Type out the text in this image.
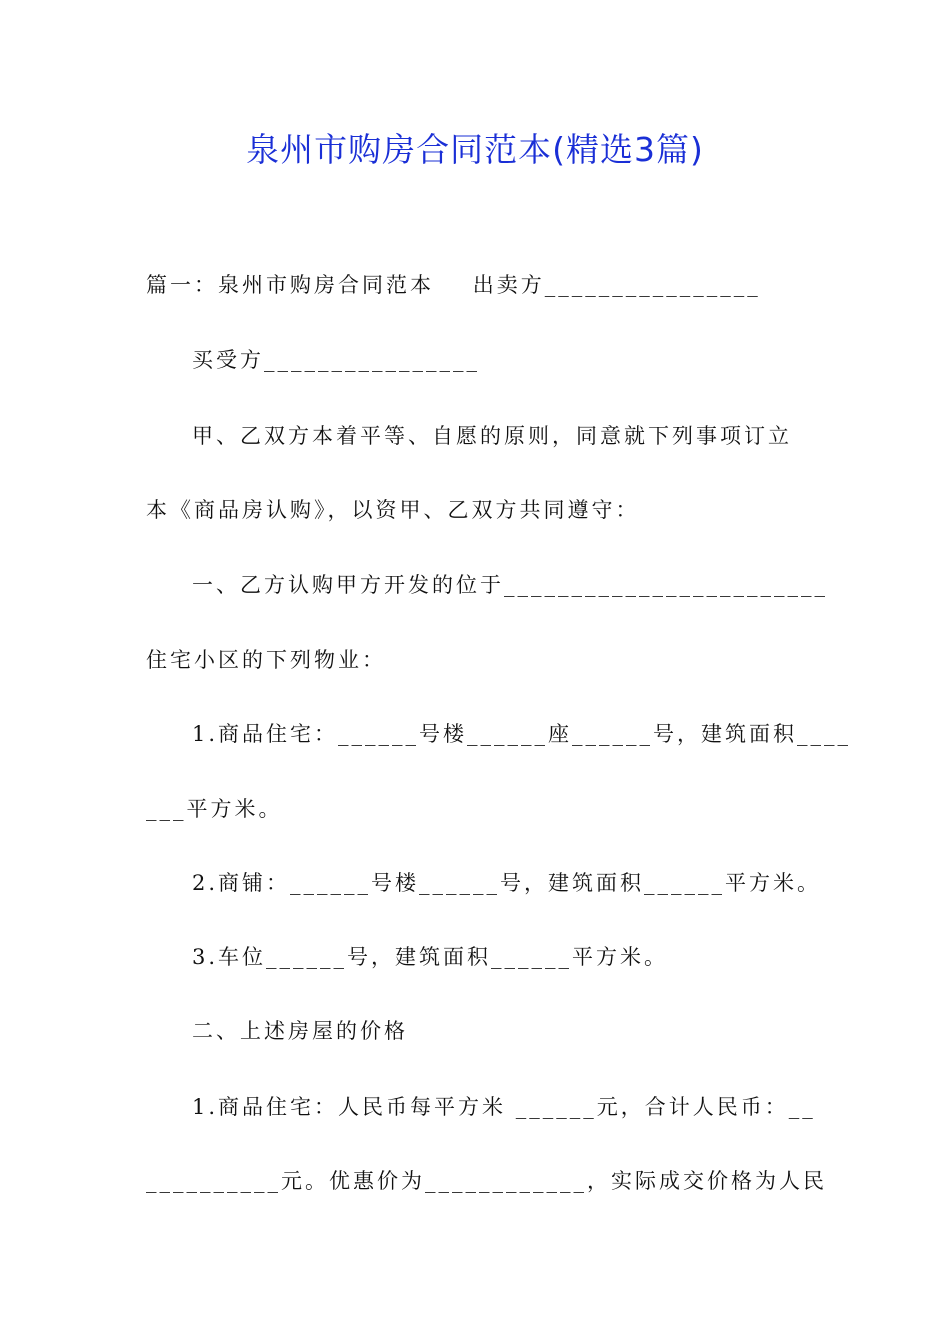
泉州市购房合同范本(精选3篇)
篇一：泉州市购房合同范本    出卖方________________
买受方________________
甲、乙双方本着平等、自愿的原则，同意就下列事项订立
本《商品房认购》，以资甲、乙双方共同遵守：
一、乙方认购甲方开发的位于________________________
住宅小区的下列物业：
1.商品住宅：______号楼______座______号，建筑面积____
___平方米。
2.商铺：______号楼______号，建筑面积______平方米。
3.车位______号，建筑面积______平方米。
二、上述房屋的价格
1.商品住宅：人民币每平方米 ______元，合计人民币：__
__________元。优惠价为____________，实际成交价格为人民
